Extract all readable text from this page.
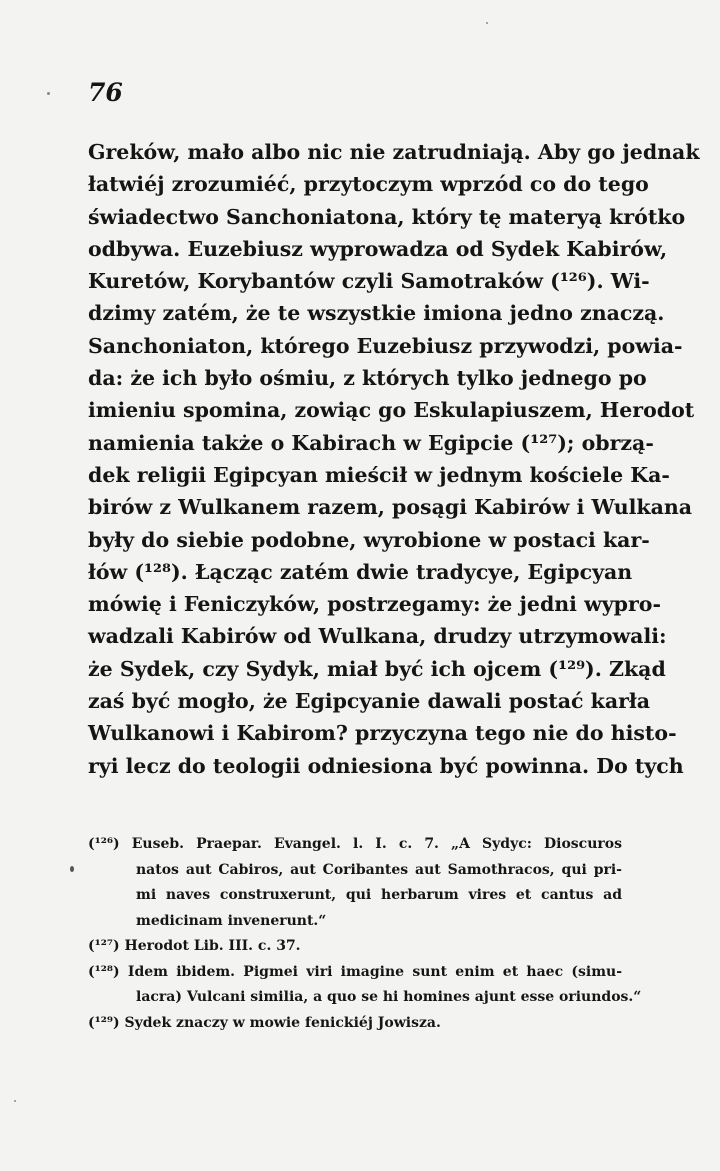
76
Greków, mało albo nic nie zatrudniają. Aby go jednak
łatwiéj zrozumiéć, przytoczym wprzód co do tego
świadectwo Sanchoniatona, który tę materyą krótko
odbywa. Euzebiusz wyprowadza od Sydek Kabirów,
Kuretów, Korybantów czyli Samotraków (¹²⁶). Wi-
dzimy zatém, że te wszystkie imiona jedno znaczą.
Sanchoniaton, którego Euzebiusz przywodzi, powia-
da: że ich było ośmiu, z których tylko jednego po
imieniu spomina, zowiąc go Eskulapiuszem, Herodot
namienia także o Kabirach w Egipcie (¹²⁷); obrzą-
dek religii Egipcyan mieścił w jednym kościele Ka-
birów z Wulkanem razem, posągi Kabirów i Wulkana
były do siebie podobne, wyrobione w postaci kar-
łów (¹²⁸). Łącząc zatém dwie tradycye, Egipcyan
mówię i Feniczyków, postrzegamy: że jedni wypro-
wadzali Kabirów od Wulkana, drudzy utrzymowali:
że Sydek, czy Sydyk, miał być ich ojcem (¹²⁹). Zkąd
zaś być mogło, że Egipcyanie dawali postać karła
Wulkanowi i Kabirom? przyczyna tego nie do histo-
ryi lecz do teologii odniesiona być powinna. Do tych
(¹²⁶) Euseb. Praepar. Evangel. l. I. c. 7. „A Sydyc: Dioscuros
natos aut Cabiros, aut Coribantes aut Samothracos, qui pri-
mi naves construxerunt, qui herbarum vires et cantus ad
medicinam invenerunt.“
(¹²⁷) Herodot Lib. III. c. 37.
(¹²⁸) Idem ibidem. Pigmei viri imagine sunt enim et haec (simu-
lacra) Vulcani similia, a quo se hi homines ajunt esse oriundos.“
(¹²⁹) Sydek znaczy w mowie fenickiéj Jowisza.
